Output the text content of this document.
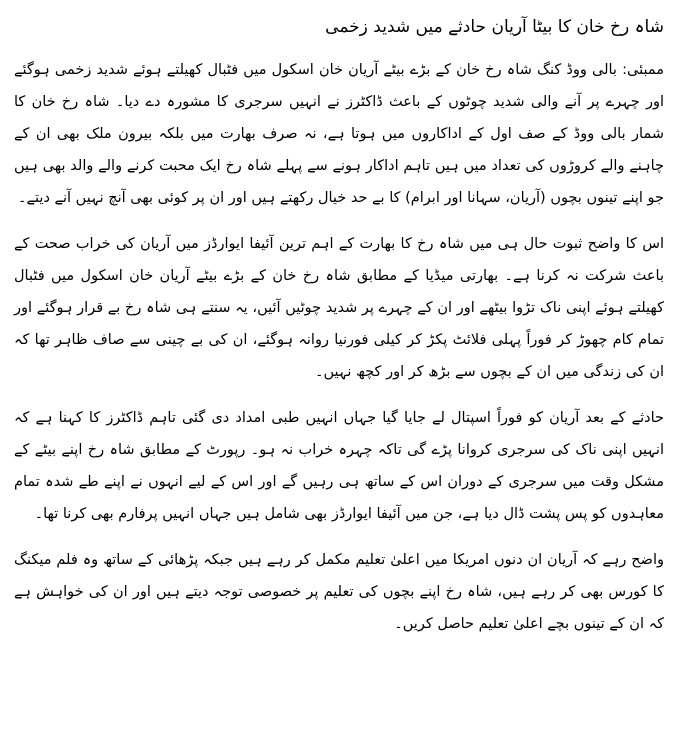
شاہ رخ خان کا بیٹا آریان حادثے میں شدید زخمی

ممبئی: بالی ووڈ کنگ شاہ رخ خان کے بڑے بیٹے آریان خان اسکول میں فٹبال کھیلتے ہوئے شدید زخمی ہوگئے اور چہرے پر آنے والی شدید چوٹوں کے باعث ڈاکٹرز نے انہیں سرجری کا مشورہ دے دیا۔ شاہ رخ خان کا شمار بالی ووڈ کے صف اول کے اداکاروں میں ہوتا ہے، نہ صرف بھارت میں بلکہ بیرون ملک بھی ان کے چاہنے والے کروڑوں کی تعداد میں ہیں تاہم اداکار ہونے سے پہلے شاہ رخ ایک محبت کرنے والے والد بھی ہیں جو اپنے تینوں بچوں (آریان، سہانا اور ابرام) کا بے حد خیال رکھتے ہیں اور ان پر کوئی بھی آنچ نہیں آنے دیتے۔

اس کا واضح ثبوت حال ہی میں شاہ رخ کا بھارت کے اہم ترین آئیفا ایوارڈز میں آریان کی خراب صحت کے باعث شرکت نہ کرنا ہے۔ بھارتی میڈیا کے مطابق شاہ رخ خان کے بڑے بیٹے آریان خان اسکول میں فٹبال کھیلتے ہوئے اپنی ناک تڑوا بیٹھے اور ان کے چہرے پر شدید چوٹیں آئیں، یہ سنتے ہی شاہ رخ بے قرار ہوگئے اور تمام کام چھوڑ کر فوراً پہلی فلائٹ پکڑ کر کیلی فورنیا روانہ ہوگئے، ان کی بے چینی سے صاف ظاہر تھا کہ ان کی زندگی میں ان کے بچوں سے بڑھ کر اور کچھ نہیں۔

حادثے کے بعد آریان کو فوراً اسپتال لے جایا گیا جہاں انہیں طبی امداد دی گئی تاہم ڈاکٹرز کا کہنا ہے کہ انہیں اپنی ناک کی سرجری کروانا پڑے گی تاکہ چہرہ خراب نہ ہو۔ رپورٹ کے مطابق شاہ رخ اپنے بیٹے کے مشکل وقت میں سرجری کے دوران اس کے ساتھ ہی رہیں گے اور اس کے لیے انہوں نے اپنے طے شدہ تمام معاہدوں کو پس پشت ڈال دیا ہے، جن میں آئیفا ایوارڈز بھی شامل ہیں جہاں انہیں پرفارم بھی کرنا تھا۔

واضح رہے کہ آریان ان دنوں امریکا میں اعلیٰ تعلیم مکمل کر رہے ہیں جبکہ پڑھائی کے ساتھ وہ فلم میکنگ کا کورس بھی کر رہے ہیں، شاہ رخ اپنے بچوں کی تعلیم پر خصوصی توجہ دیتے ہیں اور ان کی خواہش ہے کہ ان کے تینوں بچے اعلیٰ تعلیم حاصل کریں۔
